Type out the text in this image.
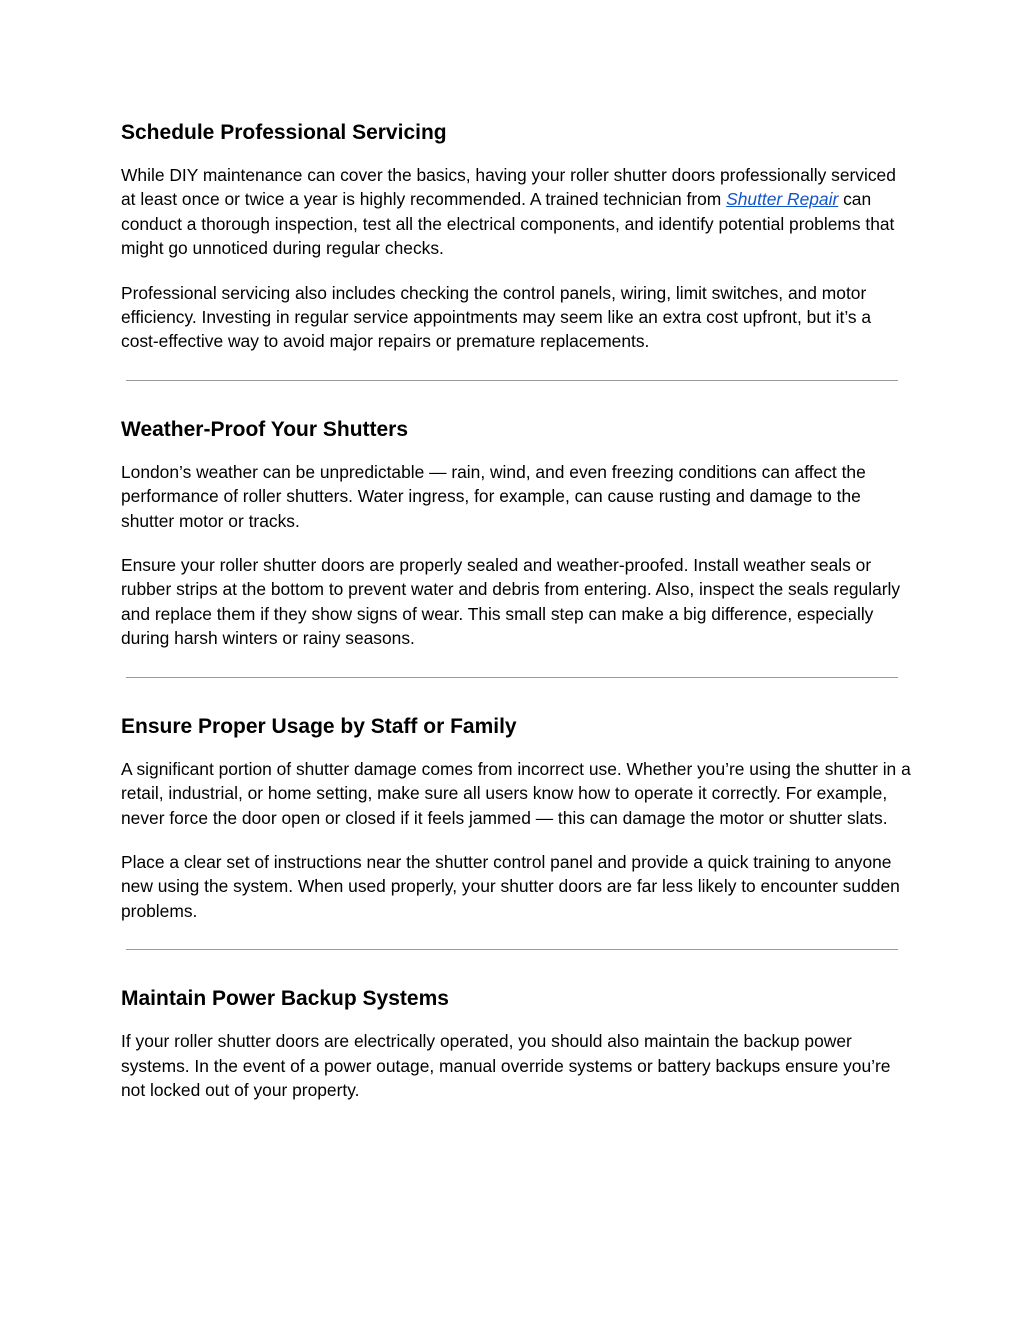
Schedule Professional Servicing

While DIY maintenance can cover the basics, having your roller shutter doors professionally serviced at least once or twice a year is highly recommended. A trained technician from Shutter Repair can conduct a thorough inspection, test all the electrical components, and identify potential problems that might go unnoticed during regular checks.

Professional servicing also includes checking the control panels, wiring, limit switches, and motor efficiency. Investing in regular service appointments may seem like an extra cost upfront, but it’s a cost-effective way to avoid major repairs or premature replacements.

Weather-Proof Your Shutters

London’s weather can be unpredictable — rain, wind, and even freezing conditions can affect the performance of roller shutters. Water ingress, for example, can cause rusting and damage to the shutter motor or tracks.

Ensure your roller shutter doors are properly sealed and weather-proofed. Install weather seals or rubber strips at the bottom to prevent water and debris from entering. Also, inspect the seals regularly and replace them if they show signs of wear. This small step can make a big difference, especially during harsh winters or rainy seasons.

Ensure Proper Usage by Staff or Family

A significant portion of shutter damage comes from incorrect use. Whether you’re using the shutter in a retail, industrial, or home setting, make sure all users know how to operate it correctly. For example, never force the door open or closed if it feels jammed — this can damage the motor or shutter slats.

Place a clear set of instructions near the shutter control panel and provide a quick training to anyone new using the system. When used properly, your shutter doors are far less likely to encounter sudden problems.

Maintain Power Backup Systems

If your roller shutter doors are electrically operated, you should also maintain the backup power systems. In the event of a power outage, manual override systems or battery backups ensure you’re not locked out of your property.
